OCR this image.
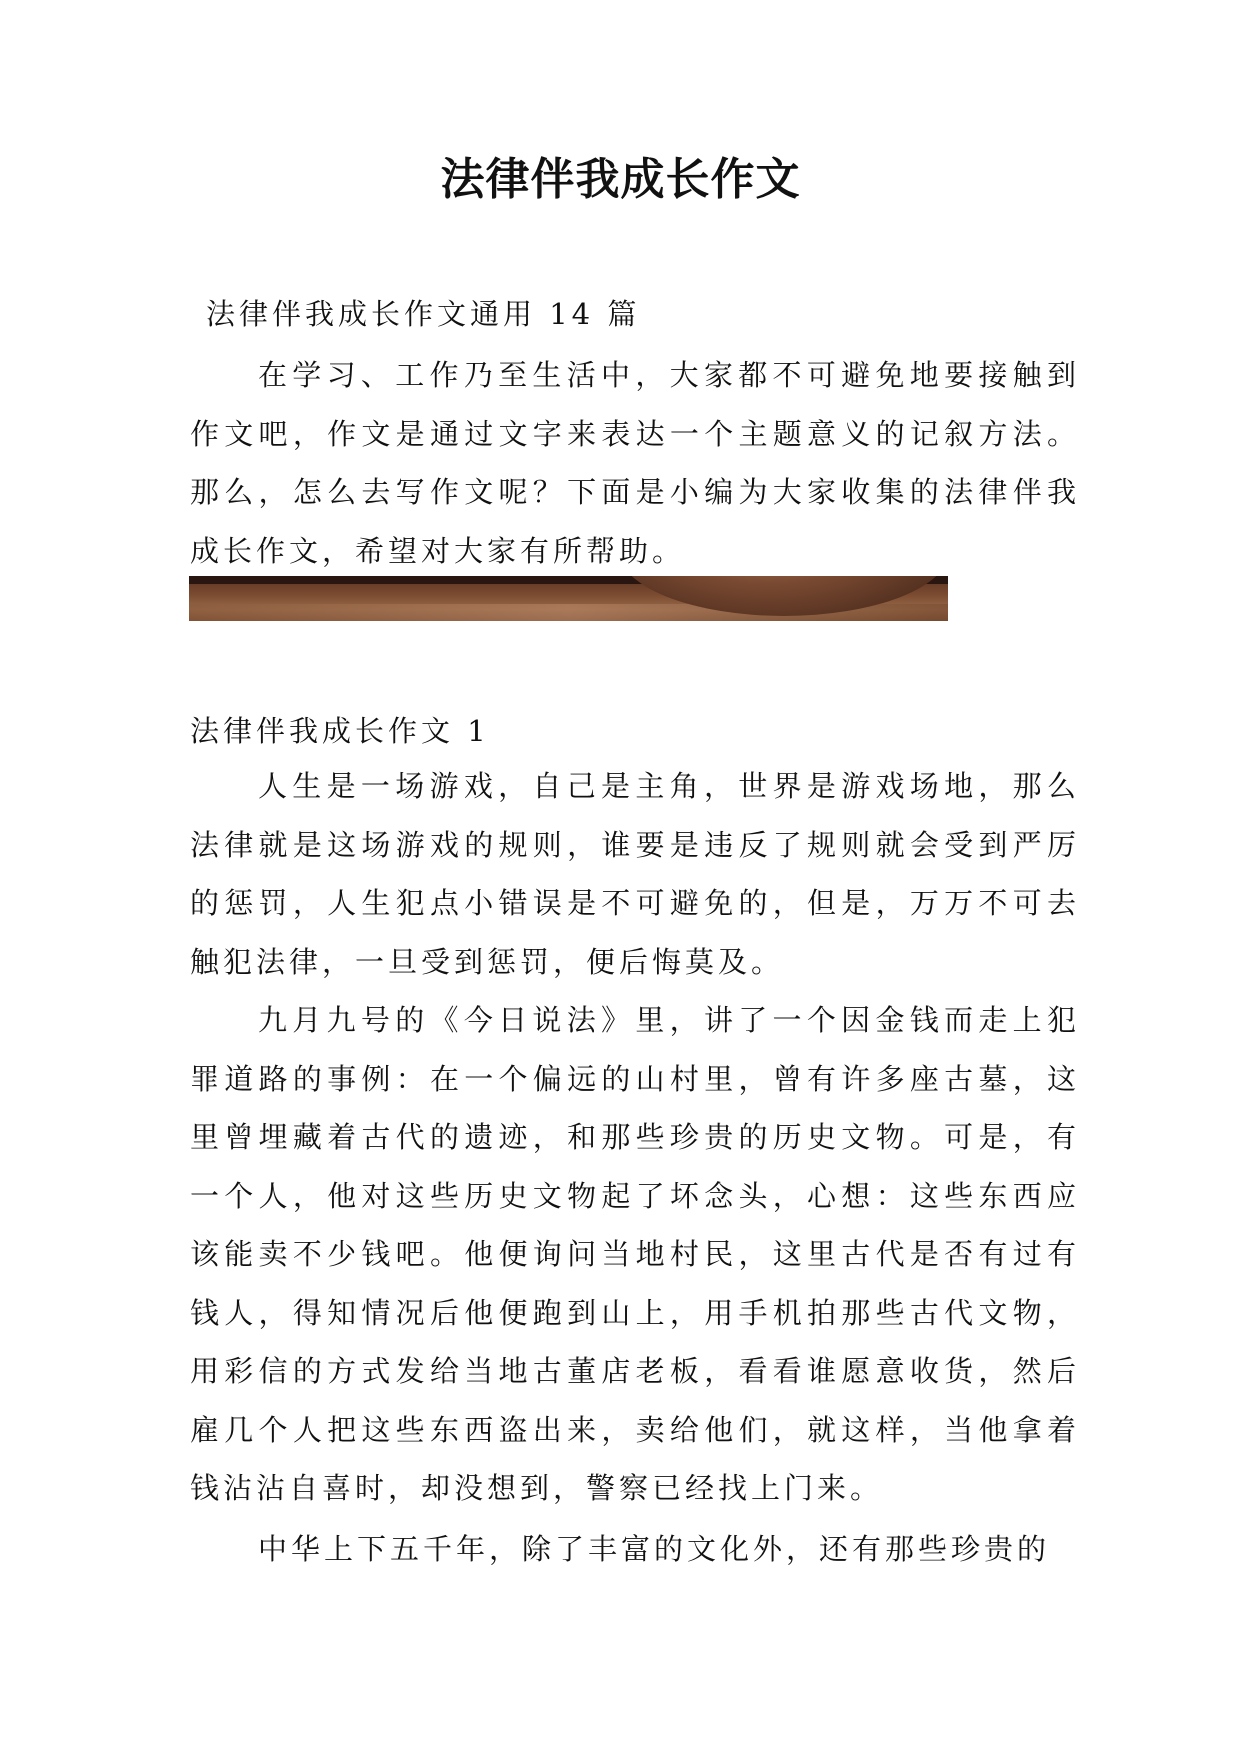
法律伴我成长作文

法律伴我成长作文通用 14 篇

在学习、工作乃至生活中，大家都不可避免地要接触到作文吧，作文是通过文字来表达一个主题意义的记叙方法。那么，怎么去写作文呢？下面是小编为大家收集的法律伴我成长作文，希望对大家有所帮助。

法律伴我成长作文 1

人生是一场游戏，自己是主角，世界是游戏场地，那么法律就是这场游戏的规则，谁要是违反了规则就会受到严厉的惩罚，人生犯点小错误是不可避免的，但是，万万不可去触犯法律，一旦受到惩罚，便后悔莫及。

九月九号的《今日说法》里，讲了一个因金钱而走上犯罪道路的事例：在一个偏远的山村里，曾有许多座古墓，这里曾埋藏着古代的遗迹，和那些珍贵的历史文物。可是，有一个人，他对这些历史文物起了坏念头，心想：这些东西应该能卖不少钱吧。他便询问当地村民，这里古代是否有过有钱人，得知情况后他便跑到山上，用手机拍那些古代文物，用彩信的方式发给当地古董店老板，看看谁愿意收货，然后雇几个人把这些东西盗出来，卖给他们，就这样，当他拿着钱沾沾自喜时，却没想到，警察已经找上门来。

中华上下五千年，除了丰富的文化外，还有那些珍贵的
